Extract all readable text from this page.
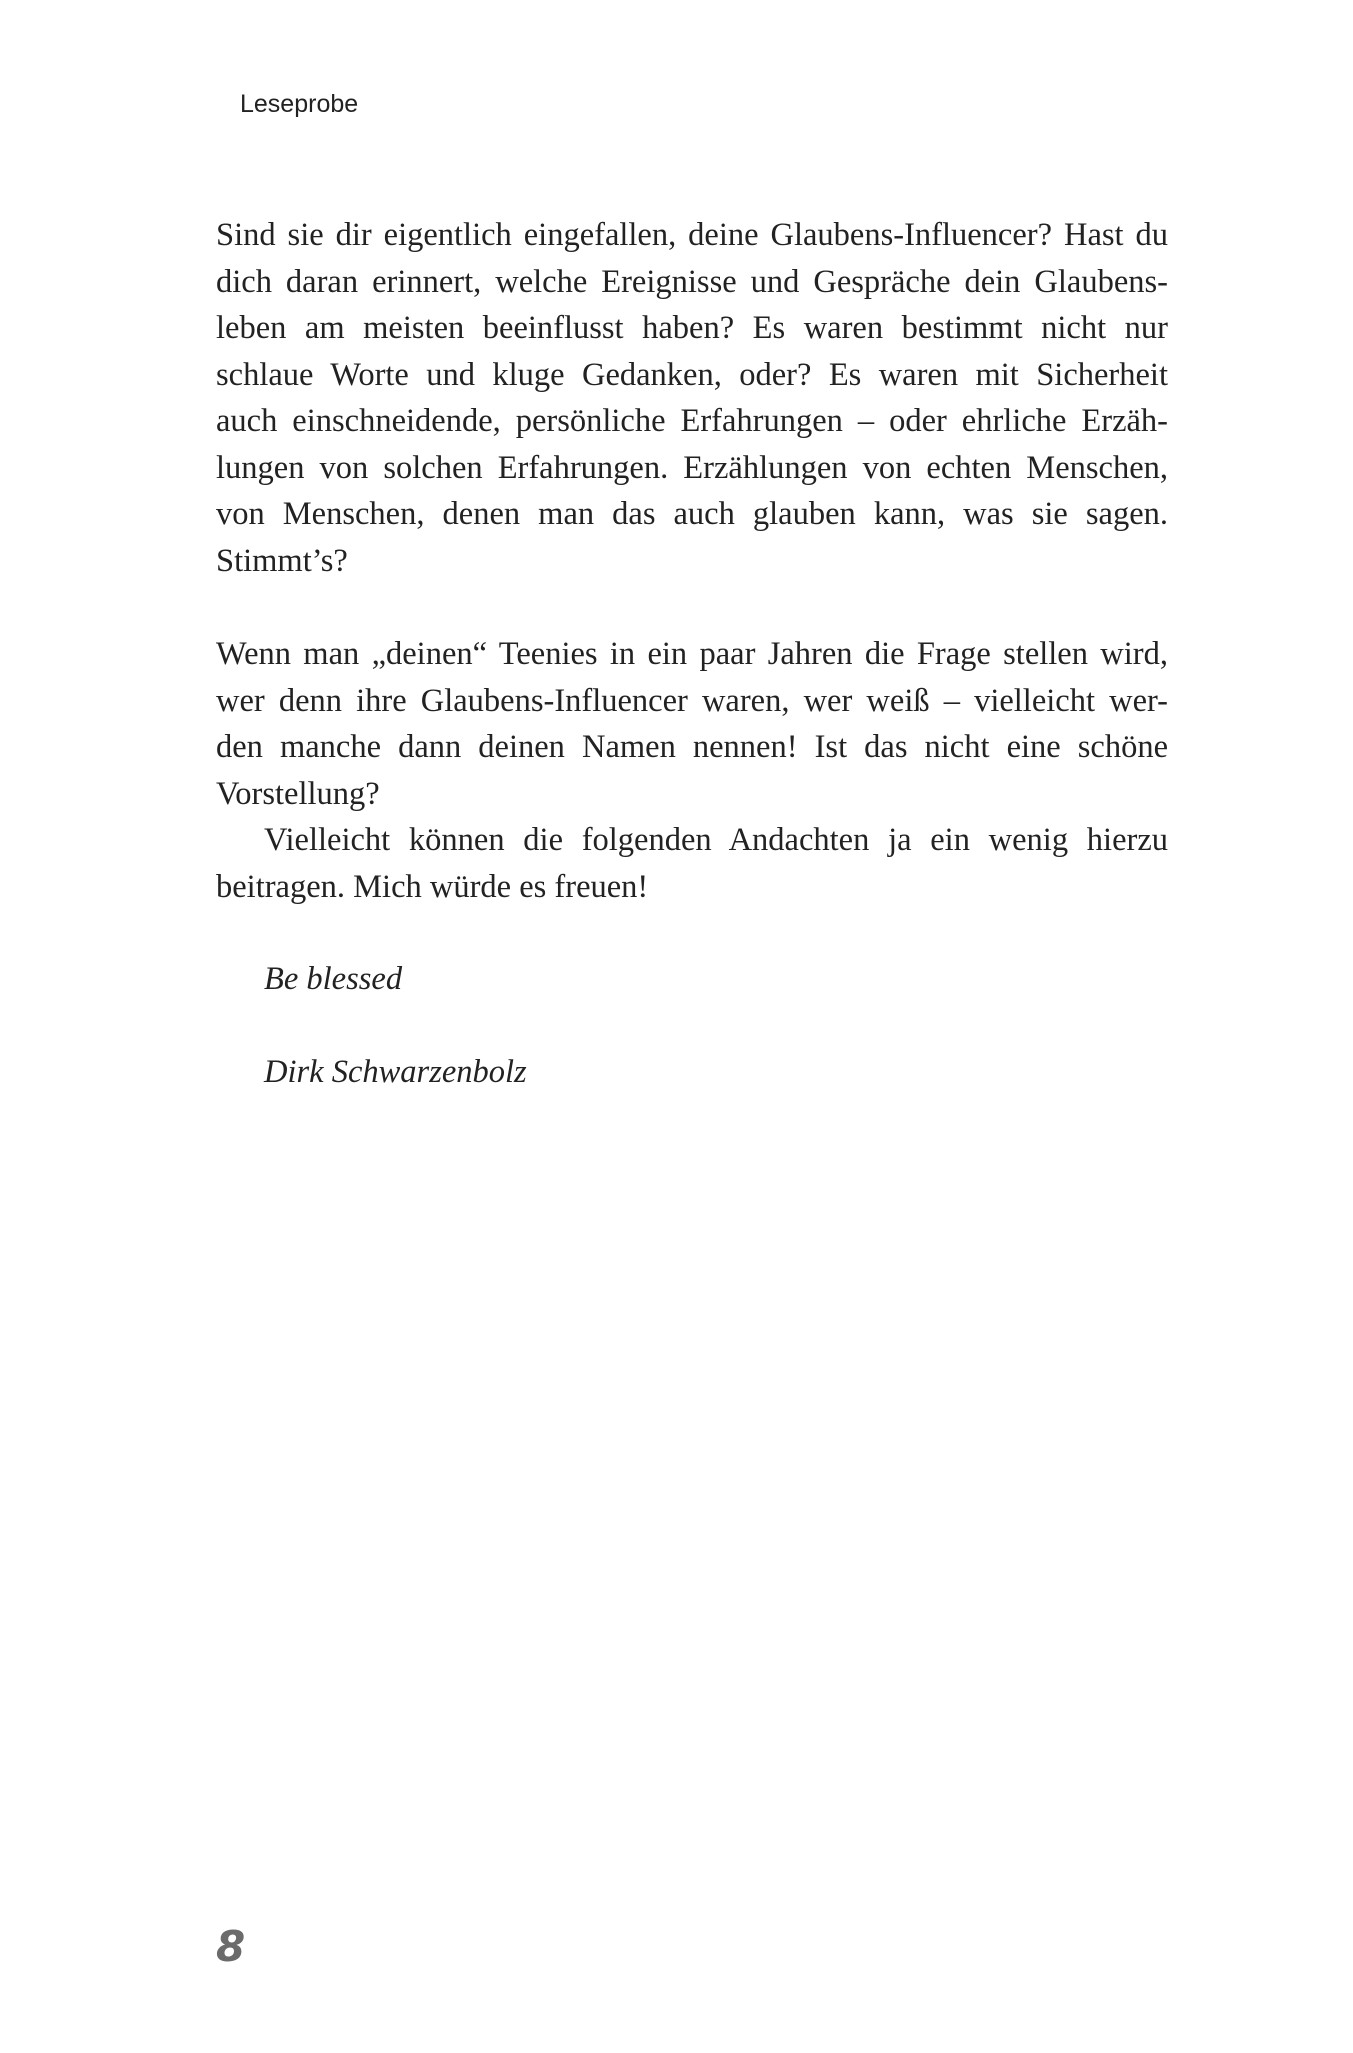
Leseprobe
Sind sie dir eigentlich eingefallen, deine Glaubens-Influencer? Hast du
dich daran erinnert, welche Ereignisse und Gespräche dein Glaubens-
leben am meisten beeinflusst haben? Es waren bestimmt nicht nur
schlaue Worte und kluge Gedanken, oder? Es waren mit Sicherheit
auch einschneidende, persönliche Erfahrungen – oder ehrliche Erzäh-
lungen von solchen Erfahrungen. Erzählungen von echten Menschen,
von Menschen, denen man das auch glauben kann, was sie sagen.
Stimmt’s?
Wenn man „deinen“ Teenies in ein paar Jahren die Frage stellen wird,
wer denn ihre Glaubens-Influencer waren, wer weiß – vielleicht wer-
den manche dann deinen Namen nennen! Ist das nicht eine schöne
Vorstellung?
Vielleicht können die folgenden Andachten ja ein wenig hierzu
beitragen. Mich würde es freuen!
Be blessed
Dirk Schwarzenbolz
8
